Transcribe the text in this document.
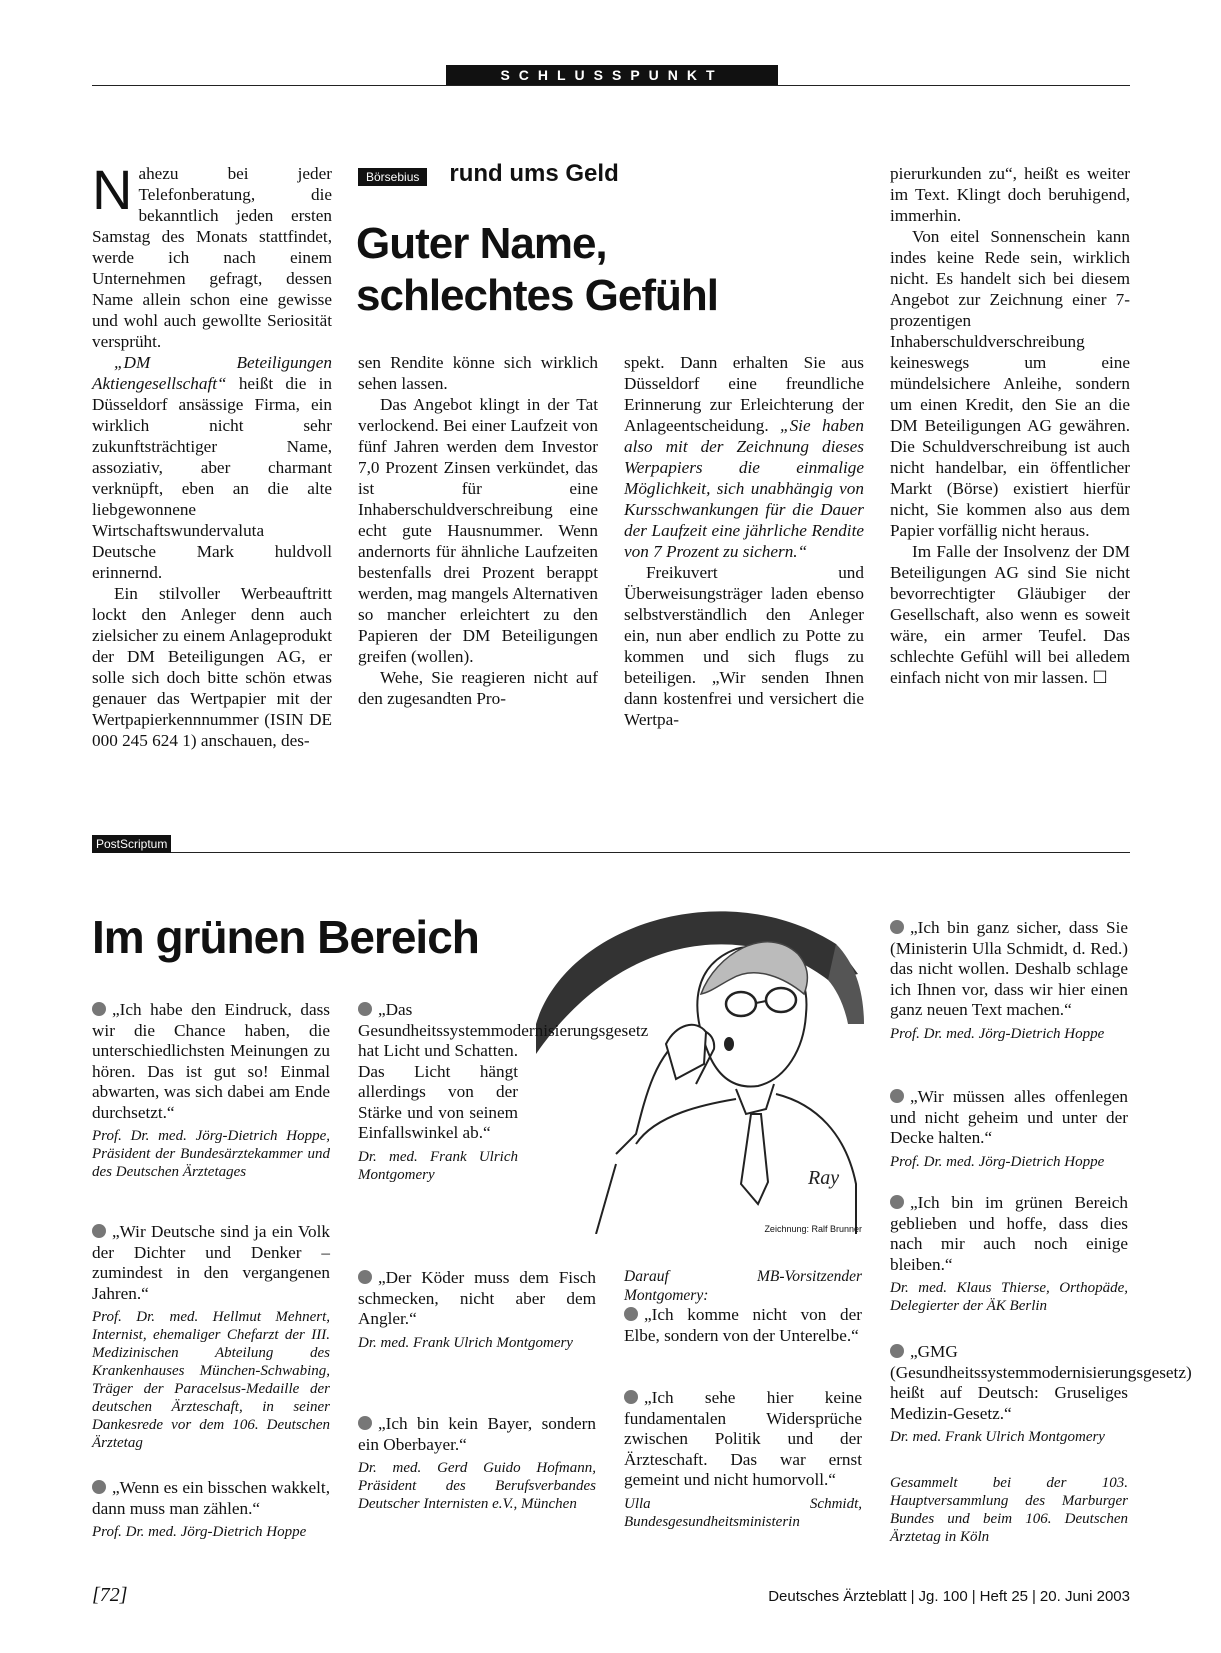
SCHLUSSPUNKT

Nahezu bei jeder Telefonberatung, die bekanntlich jeden ersten Samstag des Monats stattfindet, werde ich nach einem Unternehmen gefragt, dessen Name allein schon eine gewisse und wohl auch gewollte Seriosität versprüht.

„DM Beteiligungen Aktiengesellschaft“ heißt die in Düsseldorf ansässige Firma, ein wirklich nicht sehr zukunftsträchtiger Name, assoziativ, aber charmant verknüpft, eben an die alte liebgewonnene Wirtschaftswundervaluta Deutsche Mark huldvoll erinnernd.

Ein stilvoller Werbeauftritt lockt den Anleger denn auch zielsicher zu einem Anlageprodukt der DM Beteiligungen AG, er solle sich doch bitte schön etwas genauer das Wertpapier mit der Wertpapierkennnummer (ISIN DE 000 245 624 1) anschauen, des-

Börsebius rund ums Geld
Guter Name,
schlechtes Gefühl

sen Rendite könne sich wirklich sehen lassen.

Das Angebot klingt in der Tat verlockend. Bei einer Laufzeit von fünf Jahren werden dem Investor 7,0 Prozent Zinsen verkündet, das ist für eine Inhaberschuldverschreibung eine echt gute Hausnummer. Wenn andernorts für ähnliche Laufzeiten bestenfalls drei Prozent berappt werden, mag mangels Alternativen so mancher erleichtert zu den Papieren der DM Beteiligungen greifen (wollen).

Wehe, Sie reagieren nicht auf den zugesandten Pro-

spekt. Dann erhalten Sie aus Düsseldorf eine freundliche Erinnerung zur Erleichterung der Anlageentscheidung. „Sie haben also mit der Zeichnung dieses Werpapiers die einmalige Möglichkeit, sich unabhängig von Kursschwankungen für die Dauer der Laufzeit eine jährliche Rendite von 7 Prozent zu sichern.“

Freikuvert und Überweisungsträger laden ebenso selbstverständlich den Anleger ein, nun aber endlich zu Potte zu kommen und sich flugs zu beteiligen. „Wir senden Ihnen dann kostenfrei und versichert die Wertpa-

pierurkunden zu“, heißt es weiter im Text. Klingt doch beruhigend, immerhin.

Von eitel Sonnenschein kann indes keine Rede sein, wirklich nicht. Es handelt sich bei diesem Angebot zur Zeichnung einer 7-prozentigen Inhaberschuldverschreibung keineswegs um eine mündelsichere Anleihe, sondern um einen Kredit, den Sie an die DM Beteiligungen AG gewähren. Die Schuldverschreibung ist auch nicht handelbar, ein öffentlicher Markt (Börse) existiert hierfür nicht, Sie kommen also aus dem Papier vorfällig nicht heraus.

Im Falle der Insolvenz der DM Beteiligungen AG sind Sie nicht bevorrechtigter Gläubiger der Gesellschaft, also wenn es soweit wäre, ein armer Teufel. Das schlechte Gefühl will bei alledem einfach nicht von mir lassen. ☐

PostScriptum
Im grünen Bereich
Ray
Zeichnung: Ralf Brunner
„Ich habe den Eindruck, dass wir die Chance haben, die unterschiedlichsten Meinungen zu hören. Das ist gut so! Einmal abwarten, was sich dabei am Ende durchsetzt.“
Prof. Dr. med. Jörg-Dietrich Hoppe, Präsident der Bundesärztekammer und des Deutschen Ärztetages
„Wir Deutsche sind ja ein Volk der Dichter und Denker – zumindest in den vergangenen Jahren.“
Prof. Dr. med. Hellmut Mehnert, Internist, ehemaliger Chefarzt der III. Medizinischen Abteilung des Krankenhauses München-Schwabing, Träger der Paracelsus-Medaille der deutschen Ärzteschaft, in seiner Dankesrede vor dem 106. Deutschen Ärztetag
„Wenn es ein bisschen wakkelt, dann muss man zählen.“
Prof. Dr. med. Jörg-Dietrich Hoppe
„Das Gesundheitssystemmodernisierungsgesetz hat Licht und Schatten. Das Licht hängt allerdings von der Stärke und von seinem Einfallswinkel ab.“
Dr. med. Frank Ulrich Montgomery
„Der Köder muss dem Fisch schmecken, nicht aber dem Angler.“
Dr. med. Frank Ulrich Montgomery
„Ich bin kein Bayer, sondern ein Oberbayer.“
Dr. med. Gerd Guido Hofmann, Präsident des Berufsverbandes Deutscher Internisten e.V., München
Darauf MB-Vorsitzender Montgomery:
„Ich komme nicht von der Elbe, sondern von der Unterelbe.“
„Ich sehe hier keine fundamentalen Widersprüche zwischen Politik und der Ärzteschaft. Das war ernst gemeint und nicht humorvoll.“
Ulla Schmidt, Bundesgesundheitsministerin
„Ich bin ganz sicher, dass Sie (Ministerin Ulla Schmidt, d. Red.) das nicht wollen. Deshalb schlage ich Ihnen vor, dass wir hier einen ganz neuen Text machen.“
Prof. Dr. med. Jörg-Dietrich Hoppe
„Wir müssen alles offenlegen und nicht geheim und unter der Decke halten.“
Prof. Dr. med. Jörg-Dietrich Hoppe
„Ich bin im grünen Bereich geblieben und hoffe, dass dies nach mir auch noch einige bleiben.“
Dr. med. Klaus Thierse, Orthopäde, Delegierter der ÄK Berlin
„GMG (Gesundheitssystemmodernisierungsgesetz) heißt auf Deutsch: Gruseliges Medizin-Gesetz.“
Dr. med. Frank Ulrich Montgomery
Gesammelt bei der 103. Hauptversammlung des Marburger Bundes und beim 106. Deutschen Ärztetag in Köln
[72]	Deutsches Ärzteblatt | Jg. 100 | Heft 25 | 20. Juni 2003
